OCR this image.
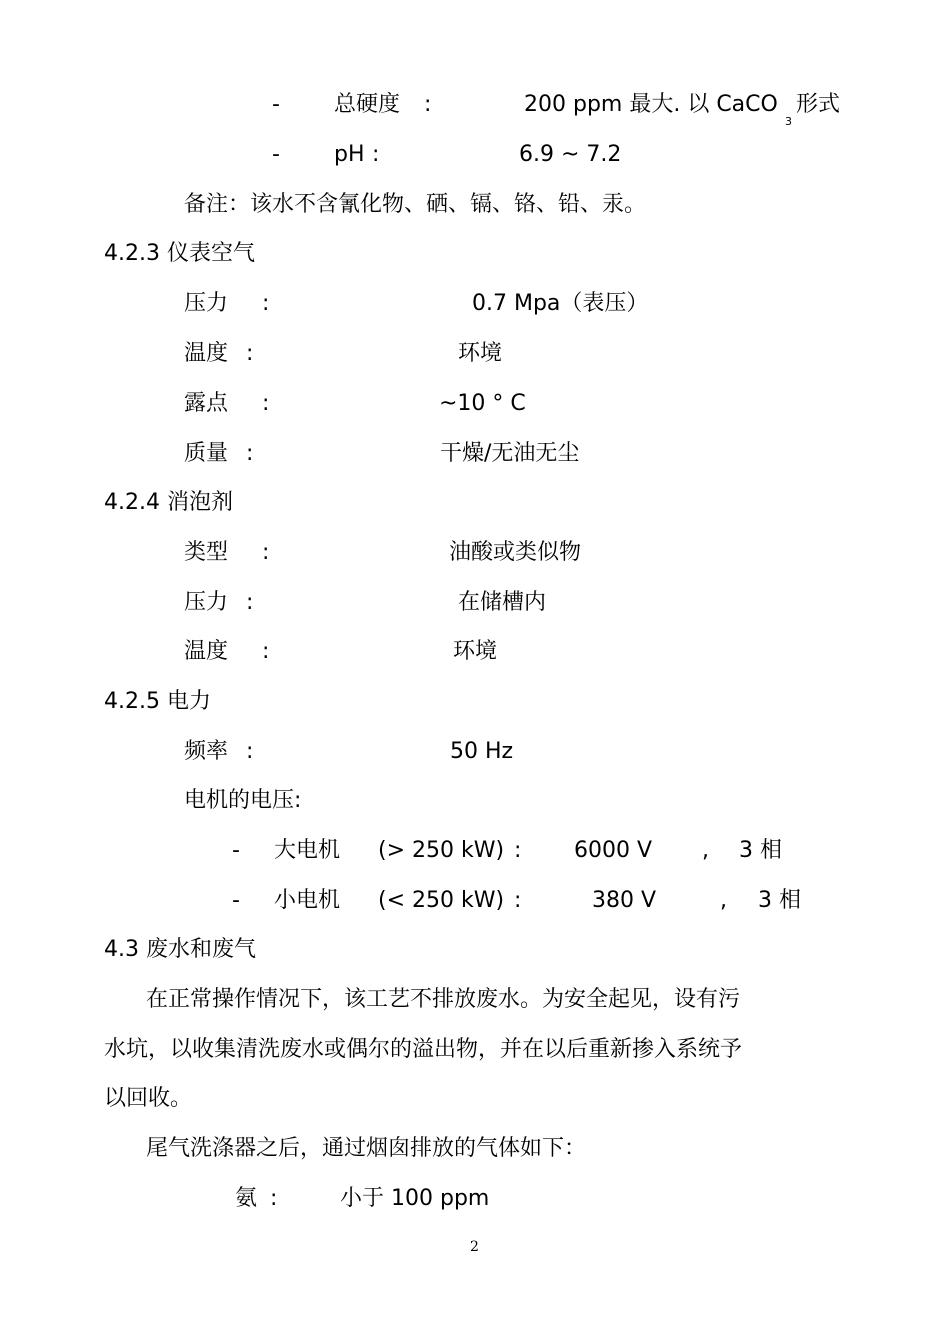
- 总硬度 :	200 ppm 最大. 以 CaCO
3
形式
- pH :	6.9 ~ 7.2
备注：该水不含氰化物、硒、镉、铬、铅、汞。
4.2.3 仪表空气
压力 :	0.7 Mpa（表压）
温度 :	环境
露点 :	~10 ° C
质量 :	干燥/无油无尘
4.2.4 消泡剂
类型 :	油酸或类似物
压力 :	在储槽内
温度 :	环境
4.2.5 电力
频率 :	50 Hz
电机的电压:
- 大电机 (> 250 kW) : 6000 V , 3 相
- 小电机 (< 250 kW) :	380 V	, 3 相
4.3 废水和废气
在正常操作情况下，该工艺不排放废水。为安全起见，设有污
水坑，以收集清洗废水或偶尔的溢出物，并在以后重新掺入系统予
以回收。
尾气洗涤器之后，通过烟囱排放的气体如下：
氨 :	小于 100 ppm
2
